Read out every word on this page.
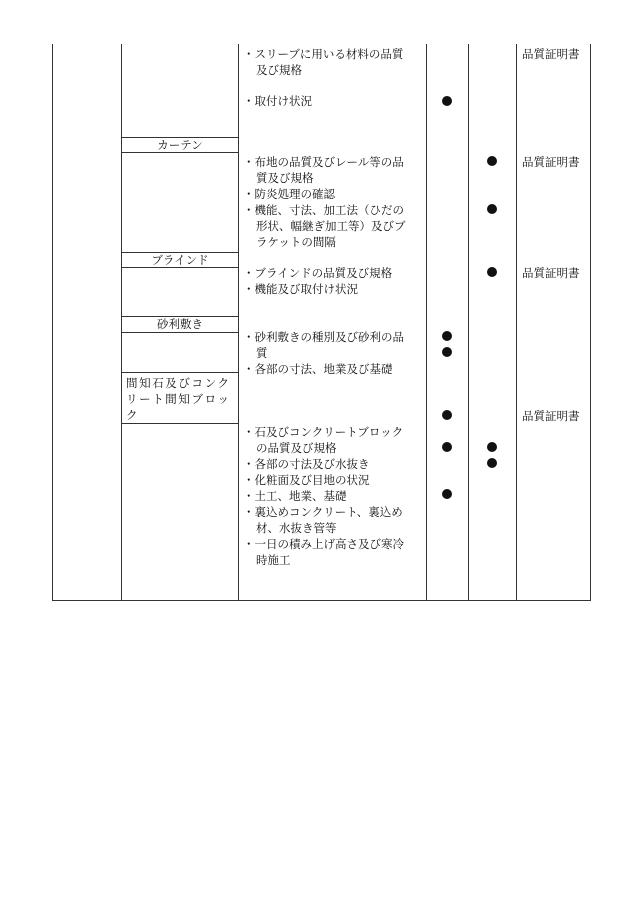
カーテン
ブラインド
砂利敷き
間知石及びコンクリート間知ブロック
・スリーブに用いる材料の品質
及び規格
・取付け状況
・布地の品質及びレール等の品
質及び規格
・防炎処理の確認
・機能、寸法、加工法（ひだの
形状、幅継ぎ加工等）及びブ
ラケットの間隔
・ブラインドの品質及び規格
・機能及び取付け状況
・砂利敷きの種別及び砂利の品
質
・各部の寸法、地業及び基礎
・石及びコンクリートブロック
の品質及び規格
・各部の寸法及び水抜き
・化粧面及び目地の状況
・土工、地業、基礎
・裏込めコンクリート、裏込め
材、水抜き管等
・一日の積み上げ高さ及び寒冷
時施工
品質証明書
品質証明書
品質証明書
品質証明書
